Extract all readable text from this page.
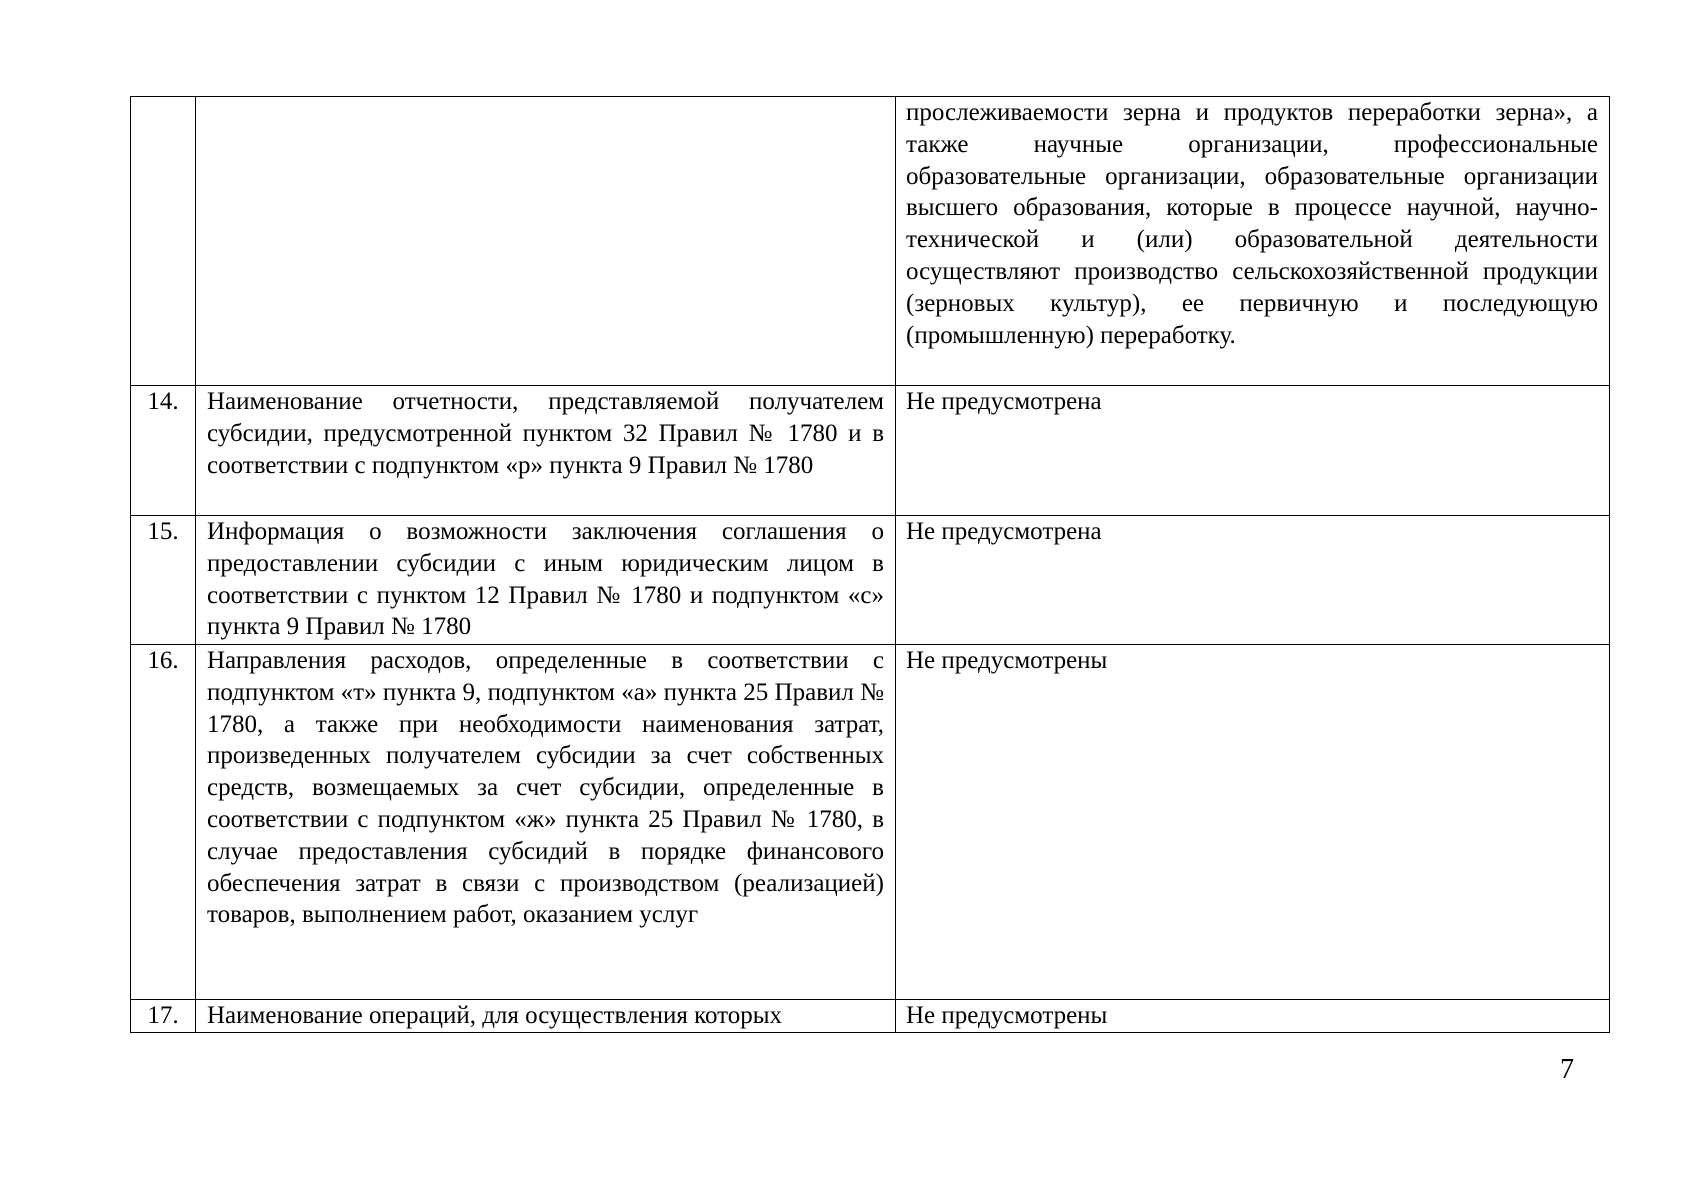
		прослеживаемости зерна и продуктов переработки зерна», а также научные организации, профессиональные образовательные организации, образовательные организации высшего образования, которые в процессе научной, научно-технической и (или) образовательной деятельности осуществляют производство сельскохозяйственной продукции (зерновых культур), ее первичную и последующую (промышленную) переработку.

14.	Наименование отчетности, представляемой получателем субсидии, предусмотренной пунктом 32 Правил № 1780 и в соответствии с подпунктом «р» пункта 9 Правил № 1780	Не предусмотрена

15.	Информация о возможности заключения соглашения о предоставлении субсидии с иным юридическим лицом в соответствии с пунктом 12 Правил № 1780 и подпунктом «с» пункта 9 Правил № 1780	Не предусмотрена

16.	Направления расходов, определенные в соответствии с подпунктом «т» пункта 9, подпунктом «а» пункта 25 Правил № 1780, а также при необходимости наименования затрат, произведенных получателем субсидии за счет собственных средств, возмещаемых за счет субсидии, определенные в соответствии с подпунктом «ж» пункта 25 Правил № 1780, в случае предоставления субсидий в порядке финансового обеспечения затрат в связи с производством (реализацией) товаров, выполнением работ, оказанием услуг	Не предусмотрены

17.	Наименование операций, для осуществления которых	Не предусмотрены
7
